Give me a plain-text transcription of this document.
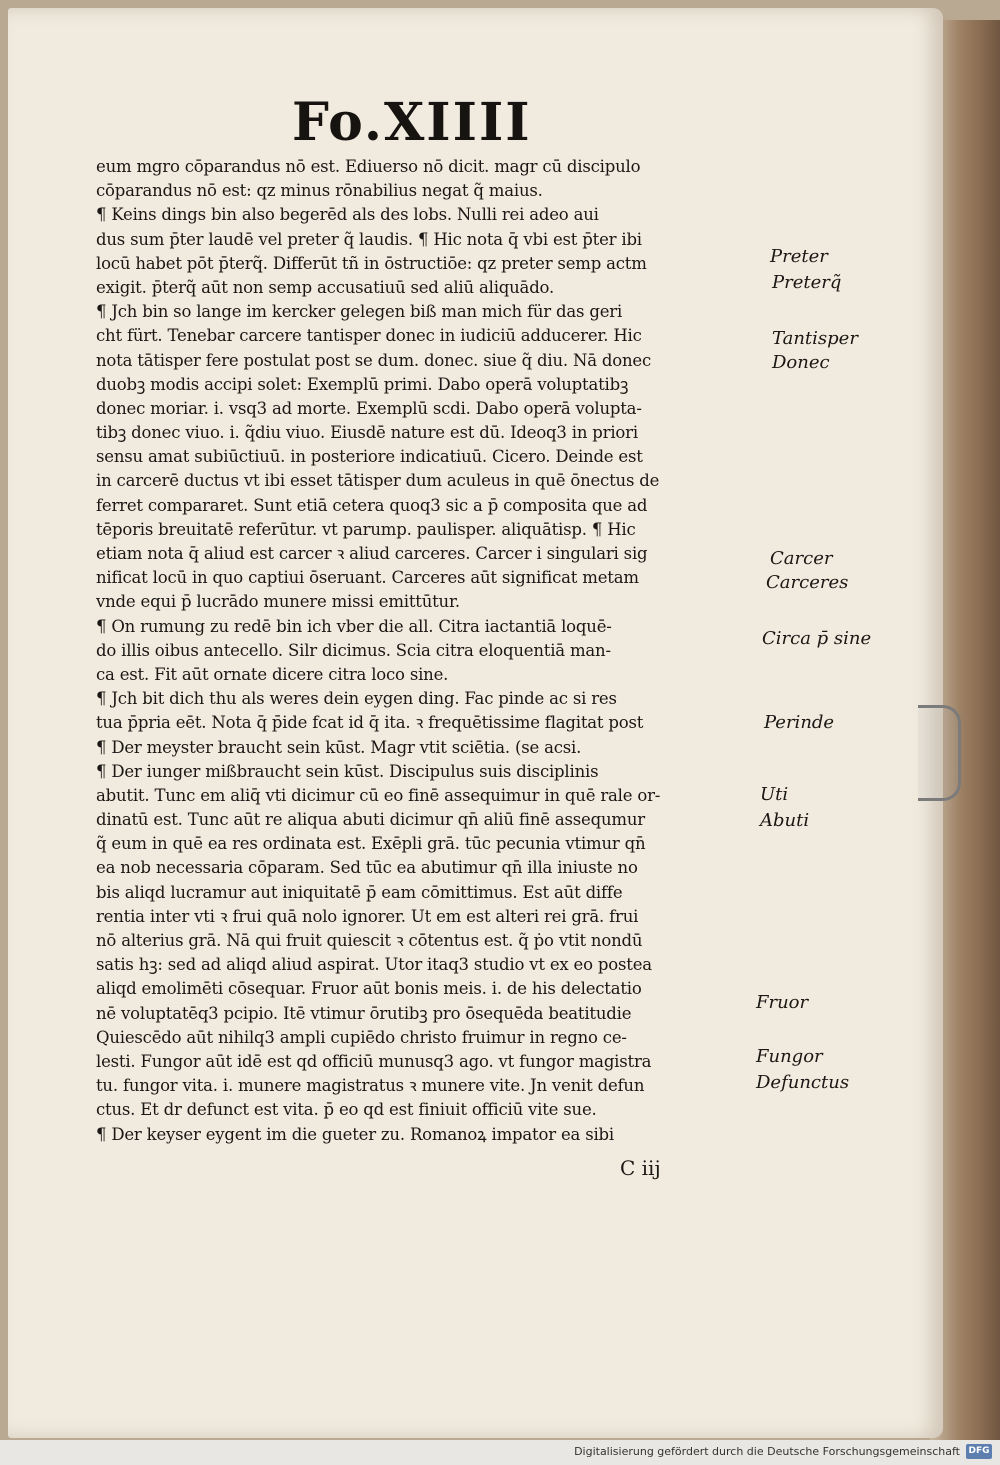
Fo.XIIII
eum mgro cōparandus nō est. Ediuerso nō dicit. magr cū discipulo
cōparandus nō est: qz minus rōnabilius negat q̃ maius.
¶ Keins dings bin also begerēd als des lobs. Nulli rei adeo aui
dus sum p̄ter laudē vel preter q̃ laudis. ¶ Hic nota q̄ vbi est p̄ter ibi
locū habet pōt p̄terq̃. Differūt tñ in ōstructiōe: qz preter semp actm
exigit. p̄terq̃ aūt non semp accusatiuū sed aliū aliquādo.
¶ Jch bin so lange im kercker gelegen biß man mich für das geri
cht fürt. Tenebar carcere tantisper donec in iudiciū adducerer. Hic
nota tātisper fere postulat post se dum. donec. siue q̃ diu. Nā donec
duobꝫ modis accipi solet: Exemplū primi. Dabo operā voluptatibꝫ
donec moriar. i. vsq3 ad morte. Exemplū scdi. Dabo operā volupta-
tibꝫ donec viuo. i. q̃diu viuo. Eiusdē nature est dū. Ideoq3 in priori
sensu amat subiūctiuū. in posteriore indicatiuū. Cicero. Deinde est
in carcerē ductus vt ibi esset tātisper dum aculeus in quē ōnectus de
ferret compararet. Sunt etiā cetera quoq3 sic a p̄ composita que ad
tēporis breuitatē referūtur. vt parump. paulisper. aliquātisp. ¶ Hic
etiam nota q̄ aliud est carcer ꝛ aliud carceres. Carcer i singulari sig
nificat locū in quo captiui ōseruant. Carceres aūt significat metam
vnde equi p̄ lucrādo munere missi emittūtur.
¶ On rumung zu redē bin ich vber die all. Citra iactantiā loquē-
do illis oibus antecello. Silr dicimus. Scia citra eloquentiā man-
ca est. Fit aūt ornate dicere citra loco sine.
¶ Jch bit dich thu als weres dein eygen ding. Fac pinde ac si res
tua p̄pria eēt. Nota q̄ p̄ide fcat id q̄ ita. ꝛ frequētissime flagitat post
¶ Der meyster braucht sein kūst. Magr vtit sciētia. (se acsi.
¶ Der iunger mißbraucht sein kūst. Discipulus suis disciplinis
abutit. Tunc em aliq̄ vti dicimur cū eo finē assequimur in quē rale or-
dinatū est. Tunc aūt re aliqua abuti dicimur qn̄ aliū finē assequmur
q̃ eum in quē ea res ordinata est. Exēpli grā. tūc pecunia vtimur qn̄
ea nob necessaria cōparam. Sed tūc ea abutimur qn̄ illa iniuste no
bis aliqd lucramur aut iniquitatē p̄ eam cōmittimus. Est aūt diffe
rentia inter vti ꝛ frui quā nolo ignorer. Ut em est alteri rei grā. frui
nō alterius grā. Nā qui fruit quiescit ꝛ cōtentus est. q̃ ṗo vtit nondū
satis hꝫ: sed ad aliqd aliud aspirat. Utor itaq3 studio vt ex eo postea
aliqd emolimēti cōsequar. Fruor aūt bonis meis. i. de his delectatio
nē voluptatēq3 pcipio. Itē vtimur ōrutibꝫ pro ōsequēda beatitudie
Quiescēdo aūt nihilq3 ampli cupiēdo christo fruimur in regno ce-
lesti. Fungor aūt idē est qd officiū munusq3 ago. vt fungor magistra
tu. fungor vita. i. munere magistratus ꝛ munere vite. Jn venit defun
ctus. Et dr defunct est vita. p̄ eo qd est finiuit officiū vite sue.
¶ Der keyser eygent im die gueter zu. Romanoꝝ impator ea sibi
C iij
Preter
Preterq̃
Tantisper
Donec
Carcer
Carceres
Circa p̄ sine
Perinde
Uti
Abuti
Fruor
Fungor
Defunctus
Digitalisierung gefördert durch die Deutsche Forschungsgemeinschaft DFG
